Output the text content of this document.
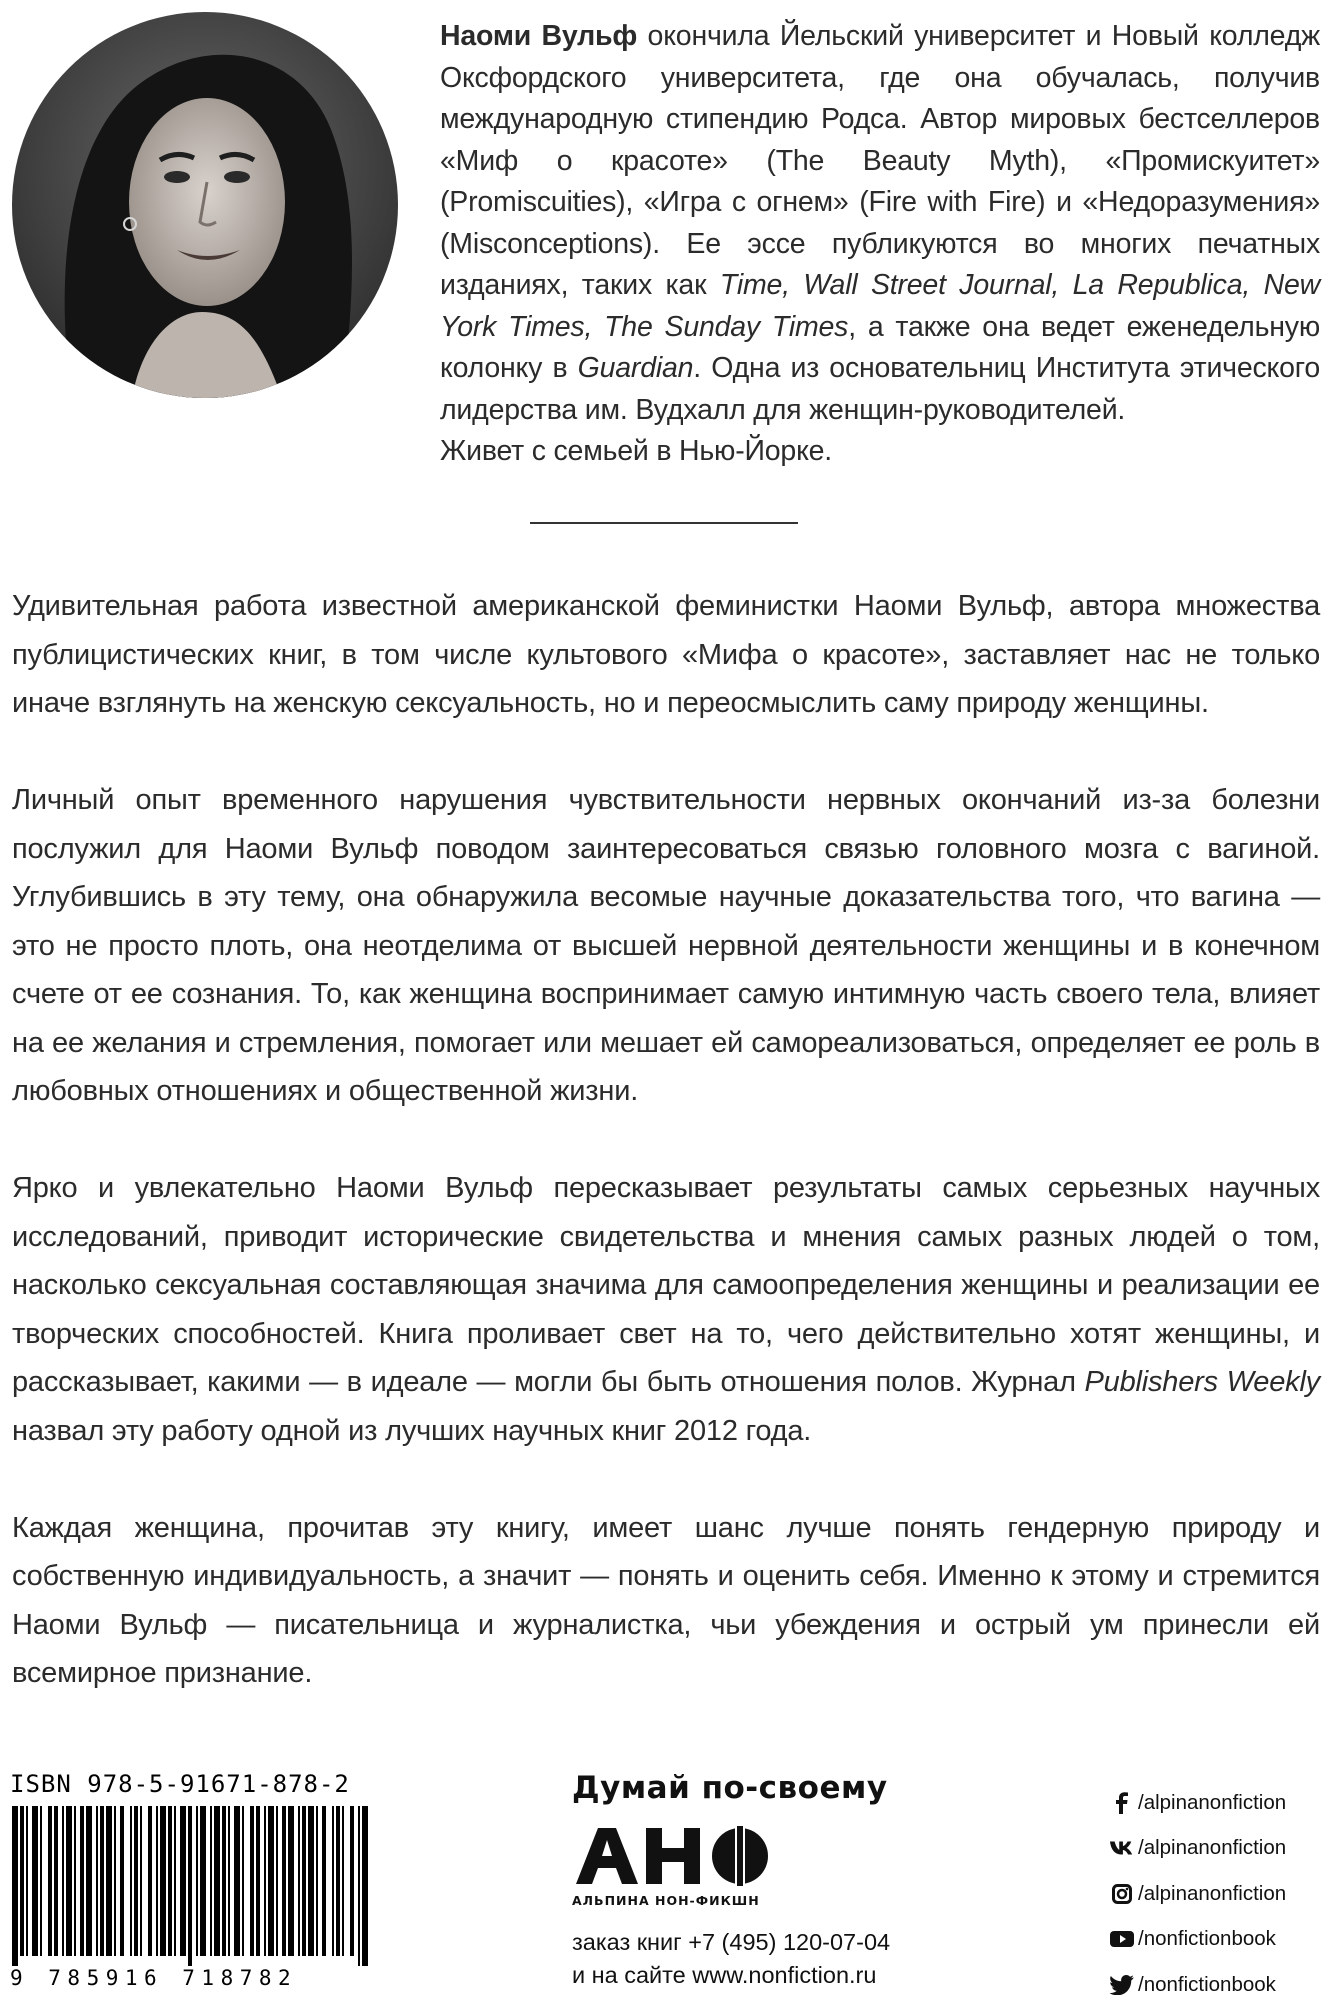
Наоми Вульф окончила Йельский университет и Новый колледж Оксфордского университета, где она обучалась, получив международную стипендию Родса. Автор мировых бестселлеров «Миф о красоте» (The Beauty Myth), «Промискуитет» (Promiscuities), «Игра с огнем» (Fire with Fire) и «Недоразумения» (Misconceptions). Ее эссе публикуются во многих печатных изданиях, таких как Time, Wall Street Journal, La Republica, New York Times, The Sunday Times, а также она ведет еженедельную колонку в Guardian. Одна из основательниц Института этического лидерства им. Вудхалл для женщин-руководителей.

Живет с семьей в Нью-Йорке.

Удивительная работа известной американской феминистки Наоми Вульф, автора множества публицистических книг, в том числе культового «Мифа о красоте», заставляет нас не только иначе взглянуть на женскую сексуальность, но и переосмыслить саму природу женщины.

Личный опыт временного нарушения чувствительности нервных окончаний из-за болезни послужил для Наоми Вульф поводом заинтересоваться связью головного мозга с вагиной. Углубившись в эту тему, она обнаружила весомые научные доказательства того, что вагина — это не просто плоть, она неотделима от высшей нервной деятельности женщины и в конечном счете от ее сознания. То, как женщина воспринимает самую интимную часть своего тела, влияет на ее желания и стремления, помогает или мешает ей самореализоваться, определяет ее роль в любовных отношениях и общественной жизни.

Ярко и увлекательно Наоми Вульф пересказывает результаты самых серьезных научных исследований, приводит исторические свидетельства и мнения самых разных людей о том, насколько сексуальная составляющая значима для самоопределения женщины и реализации ее творческих способностей. Книга проливает свет на то, чего действительно хотят женщины, и рассказывает, какими — в идеале — могли бы быть отношения полов. Журнал Publishers Weekly назвал эту работу одной из лучших научных книг 2012 года.

Каждая женщина, прочитав эту книгу, имеет шанс лучше понять гендерную природу и собственную индивидуальность, а значит — понять и оценить себя. Именно к этому и стремится Наоми Вульф — писательница и журналистка, чьи убеждения и острый ум принесли ей всемирное признание.

ISBN 978-5-91671-878-2
9 785916 718782
Думай по-своему
АЛЬПИНА НОН-ФИКШН
заказ книг +7 (495) 120-07-04
и на сайте www.nonfiction.ru
/alpinanonfiction
/alpinanonfiction
/alpinanonfiction
/nonfictionbook
/nonfictionbook
